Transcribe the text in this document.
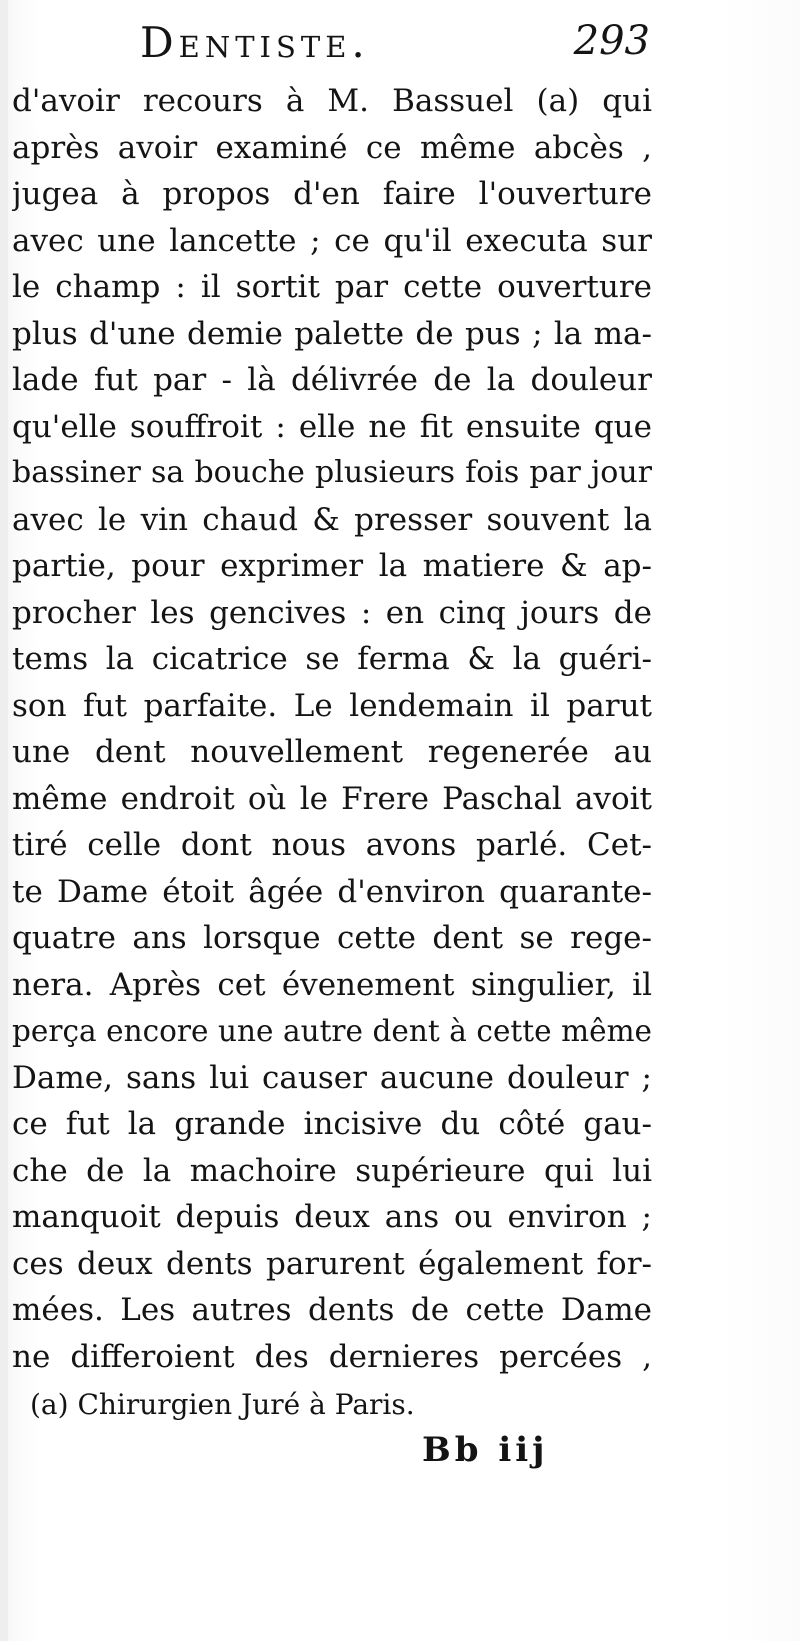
Dentiste.	293
d'avoir recours à M. Bassuel (a) qui
après avoir examiné ce même abcès ,
jugea à propos d'en faire l'ouverture
avec une lancette ; ce qu'il executa sur
le champ : il sortit par cette ouverture
plus d'une demie palette de pus ; la ma-
lade fut par - là délivrée de la douleur
qu'elle souffroit : elle ne fit ensuite que
bassiner sa bouche plusieurs fois par jour
avec le vin chaud & presser souvent la
partie, pour exprimer la matiere & ap-
procher les gencives : en cinq jours de
tems la cicatrice se ferma & la guéri-
son fut parfaite. Le lendemain il parut
une dent nouvellement regenerée au
même endroit où le Frere Paschal avoit
tiré celle dont nous avons parlé. Cet-
te Dame étoit âgée d'environ quarante-
quatre ans lorsque cette dent se rege-
nera. Après cet évenement singulier, il
perça encore une autre dent à cette même
Dame, sans lui causer aucune douleur ;
ce fut la grande incisive du côté gau-
che de la machoire supérieure qui lui
manquoit depuis deux ans ou environ ;
ces deux dents parurent également for-
mées. Les autres dents de cette Dame
ne differoient des dernieres percées ,
(a) Chirurgien Juré à Paris.
Bb iij
